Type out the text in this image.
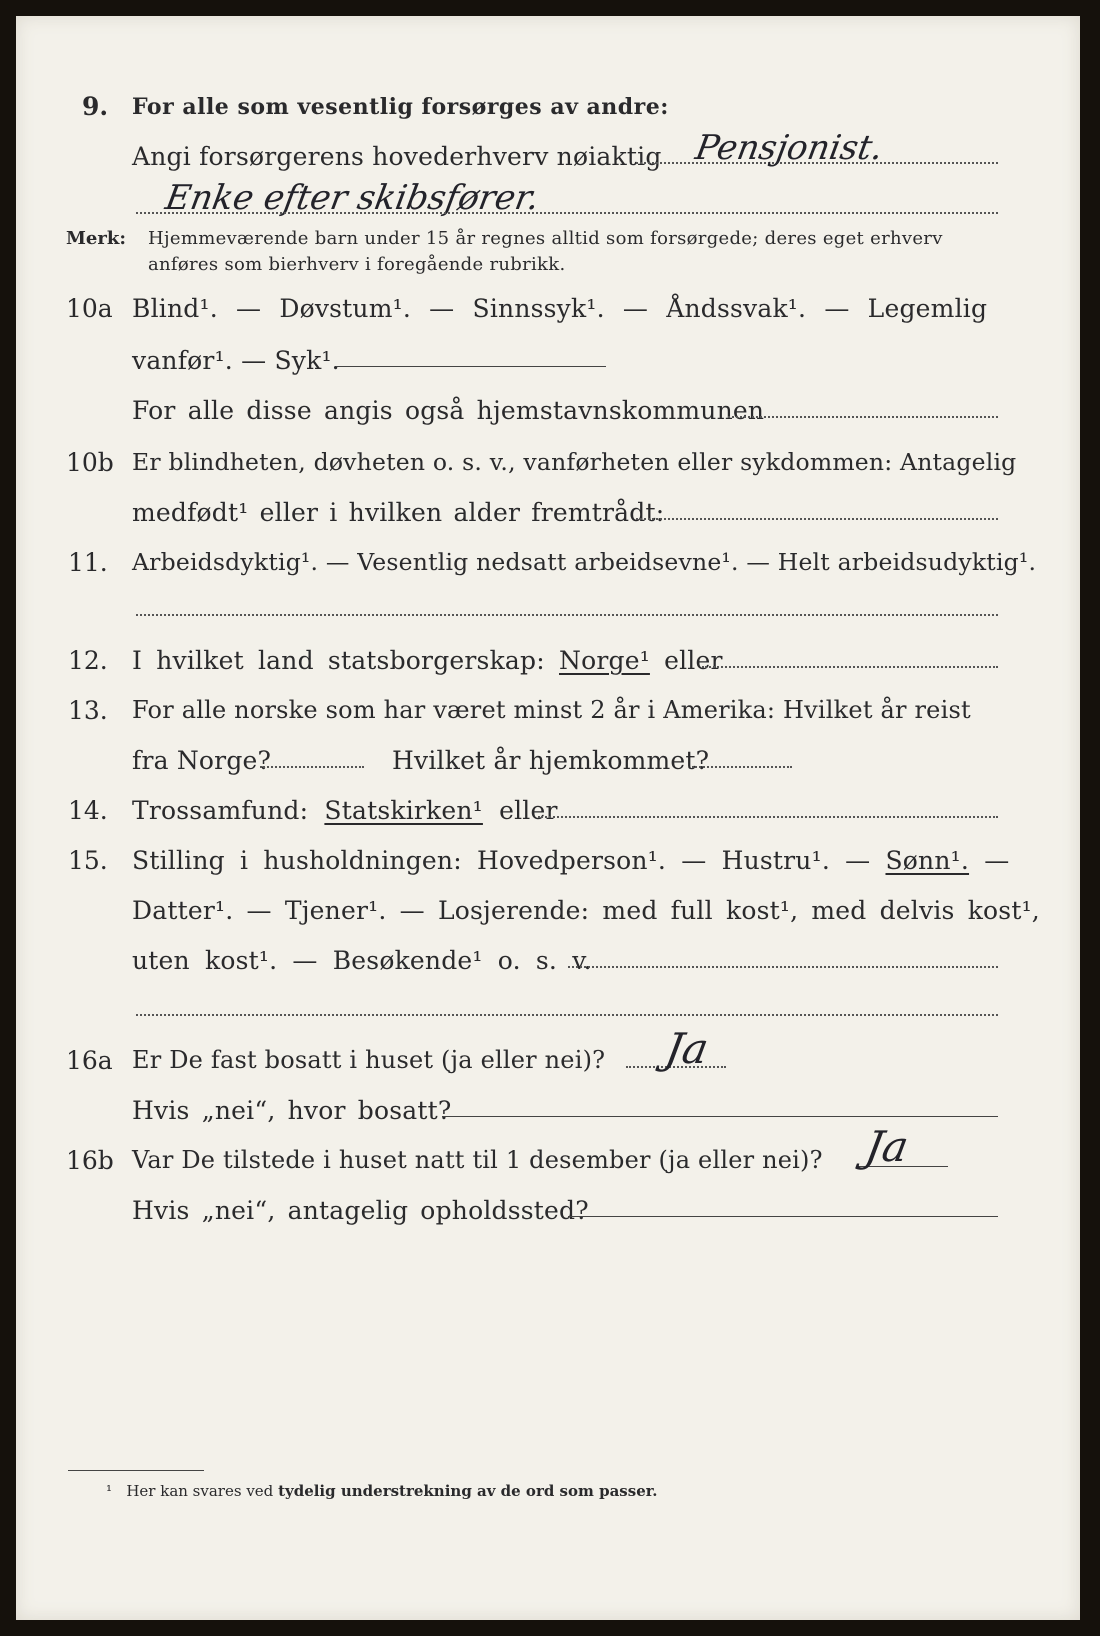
9. For alle som vesentlig forsørges av andre:
Angi forsørgerens hovederhverv nøiaktig Pensjonist.
Enke efter skibsfører.
Merk: Hjemmeværende barn under 15 år regnes alltid som forsørgede; deres eget erhverv
anføres som bierhverv i foregående rubrikk.
10a Blind¹. — Døvstum¹. — Sinnssyk¹. — Åndssvak¹. — Legemlig
vanfør¹. — Syk¹.
For alle disse angis også hjemstavnskommunen
10b Er blindheten, døvheten o. s. v., vanførheten eller sykdommen: Antagelig
medfødt¹ eller i hvilken alder fremtrådt:
11. Arbeidsdyktig¹. — Vesentlig nedsatt arbeidsevne¹. — Helt arbeidsudyktig¹.
12. I hvilket land statsborgerskap: Norge¹ eller
13. For alle norske som har været minst 2 år i Amerika: Hvilket år reist
fra Norge?	Hvilket år hjemkommet?
14. Trossamfund: Statskirken¹ eller
15. Stilling i husholdningen: Hovedperson¹. — Hustru¹. — Sønn¹. —
Datter¹. — Tjener¹. — Losjerende: med full kost¹, med delvis kost¹,
uten kost¹. — Besøkende¹ o. s. v.
16a Er De fast bosatt i huset (ja eller nei)? Ja
Hvis „nei“, hvor bosatt?
16b Var De tilstede i huset natt til 1 desember (ja eller nei)? Ja
Hvis „nei“, antagelig opholdssted?
¹ Her kan svares ved tydelig understrekning av de ord som passer.
